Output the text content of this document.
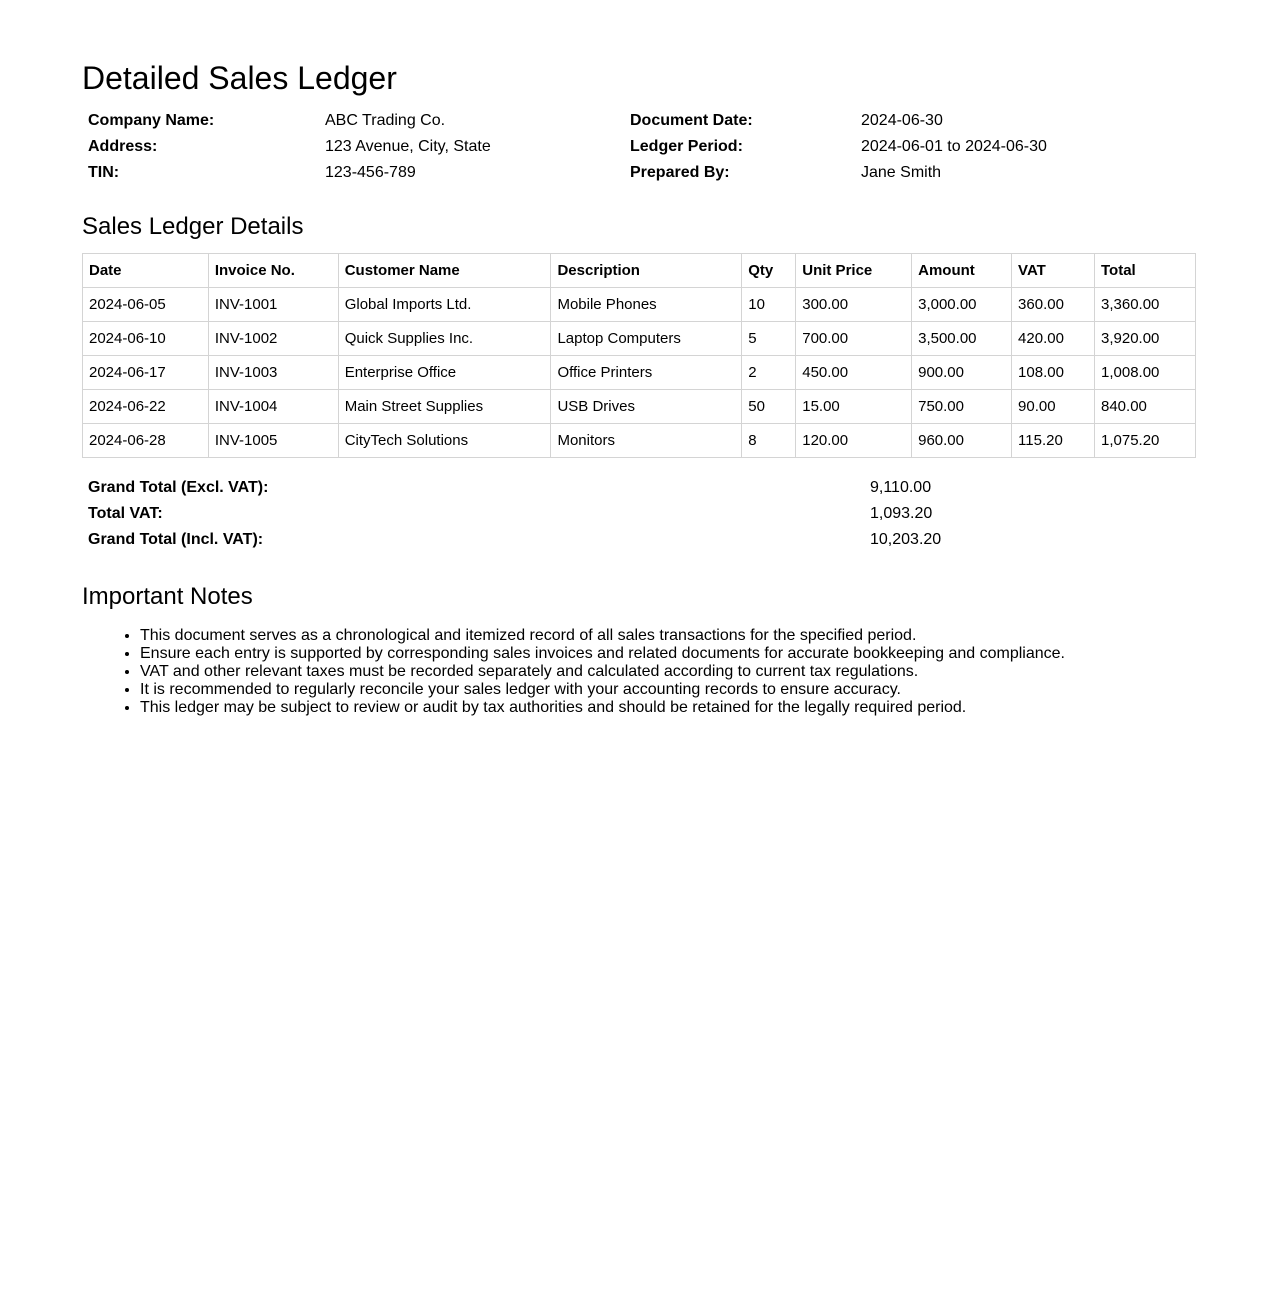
Detailed Sales Ledger
Company Name:	ABC Trading Co.	Document Date:	2024-06-30
Address:	123 Avenue, City, State	Ledger Period:	2024-06-01 to 2024-06-30
TIN:	123-456-789	Prepared By:	Jane Smith
Sales Ledger Details
Date	Invoice No.	Customer Name	Description	Qty	Unit Price	Amount	VAT	Total
2024-06-05	INV-1001	Global Imports Ltd.	Mobile Phones	10	300.00	3,000.00	360.00	3,360.00
2024-06-10	INV-1002	Quick Supplies Inc.	Laptop Computers	5	700.00	3,500.00	420.00	3,920.00
2024-06-17	INV-1003	Enterprise Office	Office Printers	2	450.00	900.00	108.00	1,008.00
2024-06-22	INV-1004	Main Street Supplies	USB Drives	50	15.00	750.00	90.00	840.00
2024-06-28	INV-1005	CityTech Solutions	Monitors	8	120.00	960.00	115.20	1,075.20
Grand Total (Excl. VAT):	9,110.00
Total VAT:	1,093.20
Grand Total (Incl. VAT):	10,203.20
Important Notes
• This document serves as a chronological and itemized record of all sales transactions for the specified period.
• Ensure each entry is supported by corresponding sales invoices and related documents for accurate bookkeeping and compliance.
• VAT and other relevant taxes must be recorded separately and calculated according to current tax regulations.
• It is recommended to regularly reconcile your sales ledger with your accounting records to ensure accuracy.
• This ledger may be subject to review or audit by tax authorities and should be retained for the legally required period.
